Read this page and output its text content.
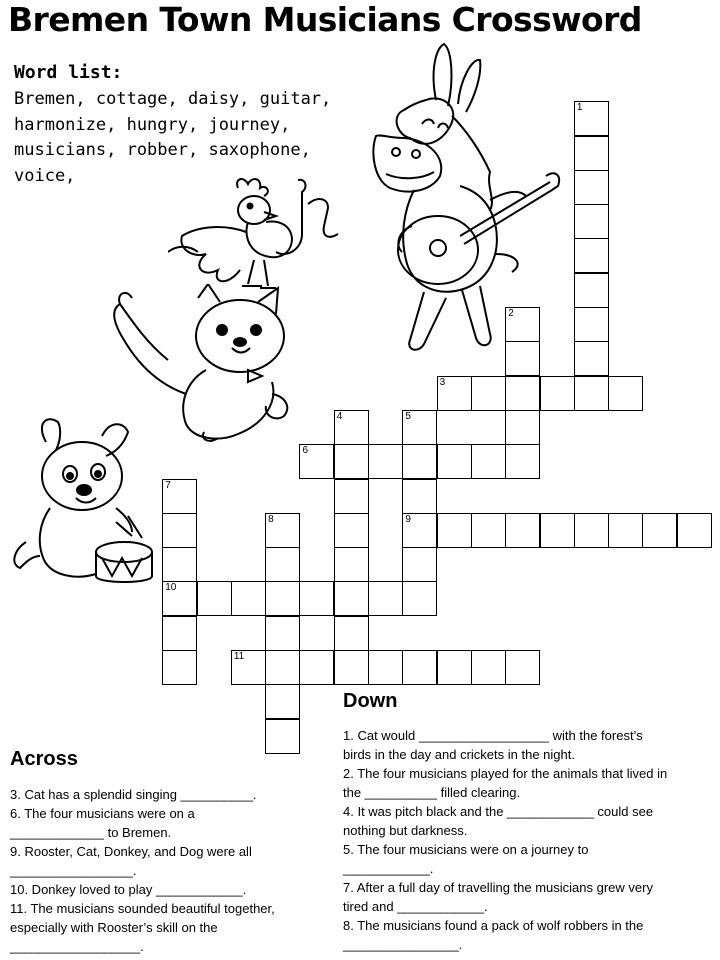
Bremen Town Musicians Crossword
Word list:
Bremen, cottage, daisy, guitar,
harmonize, hungry, journey,
musicians, robber, saxophone,
voice,
1
2
3
4	5
9
6
7
10
8
11
Down
1. Cat would __________________ with the forest’s
birds in the day and crickets in the night.
2. The four musicians played for the animals that lived in
the __________ filled clearing.
4. It was pitch black and the ____________ could see
nothing but darkness.
5. The four musicians were on a journey to
____________.
7. After a full day of travelling the musicians grew very
tired and ____________.
8. The musicians found a pack of wolf robbers in the
________________.
Across
3. Cat has a splendid singing __________.
6. The four musicians were on a
_____________ to Bremen.
9. Rooster, Cat, Donkey, and Dog were all
_________________.
10. Donkey loved to play ____________.
11. The musicians sounded beautiful together,
especially with Rooster’s skill on the
__________________.
